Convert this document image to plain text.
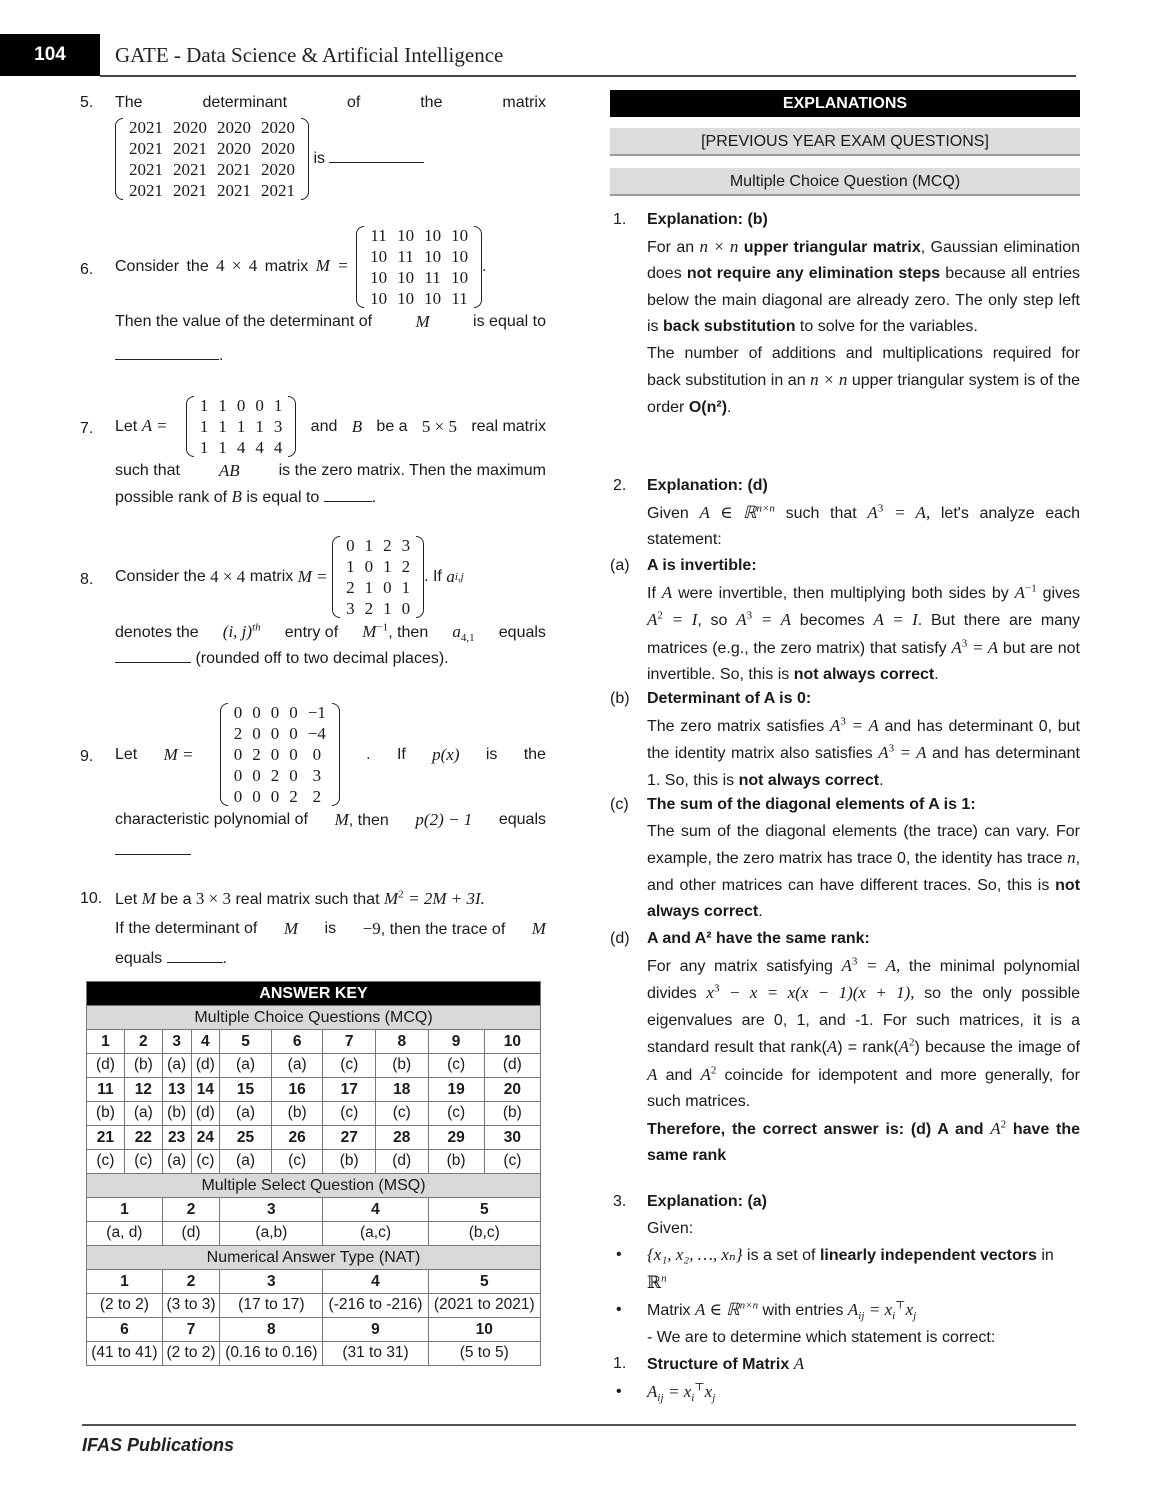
104 GATE - Data Science & Artificial Intelligence
5.	The	determinant	of	the	matrix
2021	2020	2020	2020
2021	2021	2020	2020
2021	2021	2021	2020
2021	2021	2021	2021
is
6.	Consider the 4 × 4 matrix M =
11	10	10	10
10	11	10	10
10	10	11	10
10	10	10	11
.
Then the value of the determinant of	M	is equal to
.
7.	Let A =
1	1	0	0	1
1	1	1	1	3
1	1	4	4	4
and B be a 5 × 5 real matrix
such that AB is the zero matrix. Then the maximum
possible rank of B is equal to	.
8.	Consider the
4 × 4
matrix
M =

0	1	2	3
1	0	1	2
2	1	0	1
3	2	1	0
. If
a i,j
denotes the (i, j)$^{th}$ entry of $M^{-1}$, then $a_{4,1}$ equals
(rounded off to two decimal places).
9.	Let M =
0	0	0	0	−1
2	0	0	0	−4
0	2	0	0	0
0	0	2	0	3
0	0	0	2	2
. If p(x) is the
characteristic polynomial of M, then p(2) − 1 equals
10. Let M be a 3 × 3 real matrix such that $M^2 = 2M + 3I$.
If the determinant of M is −9, then the trace of M
equals	.
ANSWER KEY									
Multiple Choice Questions (MCQ)									
1	2	3	4	5	6	7	8	9	10
(d)	(b)	(a)	(d)	(a)	(a)	(c)	(b)	(c)	(d)
11	12	13	14	15	16	17	18	19	20
(b)	(a)	(b)	(d)	(a)	(b)	(c)	(c)	(c)	(b)
21	22	23	24	25	26	27	28	29	30
(c)	(c)	(a)	(c)	(a)	(c)	(b)	(d)	(b)	(c)
Multiple Select Question (MSQ)									
1		2		3		4		5	
(a, d)		(d)		(a,b)		(a,c)		(b,c)	
Numerical Answer Type (NAT)									
1		2		3		4		5	
(2 to 2)		(3 to 3)		(17 to 17)		(-216 to -216)		(2021 to 2021)	
6		7		8		9		10	
(41 to 41)		(2 to 2)		(0.16 to 0.16)		(31 to 31)		(5 to 5)	
IFAS Publications
EXPLANATIONS
[PREVIOUS YEAR EXAM QUESTIONS]
Multiple Choice Question (MCQ)
1. Explanation: (b)
For an n × n upper triangular matrix, Gaussian elimination does not require any elimination steps because all entries below the main diagonal are already zero. The only step left is back substitution to solve for the variables.
The number of additions and multiplications required for back substitution in an n × n upper triangular system is of the order O(n²).
2. Explanation: (d)
Given A ∈ ℝ$^{n\times n}$ such that $A^3 = A$, let's analyze each statement:
(a) A is invertible:
If A were invertible, then multiplying both sides by $A^{-1}$ gives $A^2 = I$, so $A^3 = A$ becomes A = I. But there are many matrices (e.g., the zero matrix) that satisfy $A^3 = A$ but are not invertible. So, this is not always correct.
(b) Determinant of A is 0:
The zero matrix satisfies $A^3 = A$ and has determinant 0, but the identity matrix also satisfies $A^3 = A$ and has determinant 1. So, this is not always correct.
(c) The sum of the diagonal elements of A is 1:
The sum of the diagonal elements (the trace) can vary. For example, the zero matrix has trace 0, the identity has trace n, and other matrices can have different traces. So, this is not always correct.
(d) A and A² have the same rank:
For any matrix satisfying $A^3 = A$, the minimal polynomial divides $x^3 - x = x(x - 1)(x + 1)$, so the only possible eigenvalues are 0, 1, and -1. For such matrices, it is a standard result that rank(A) = $rank(A^2)$ because the image of A and $A^2$ coincide for idempotent and more generally, for such matrices.
Therefore, the correct answer is: (d) A and $A^2$ have the same rank
3. Explanation: (a)
Given:
• {x₁, x₂, …, xₙ} is a set of linearly independent vectors in
ℝ$^n$
• Matrix A ∈ ℝ$^{n\times n}$ with entries $A_{ij} = x_i^⊤x_j$
- We are to determine which statement is correct:
1. Structure of Matrix A
• $A_{ij} = x_i^⊤x_j$
